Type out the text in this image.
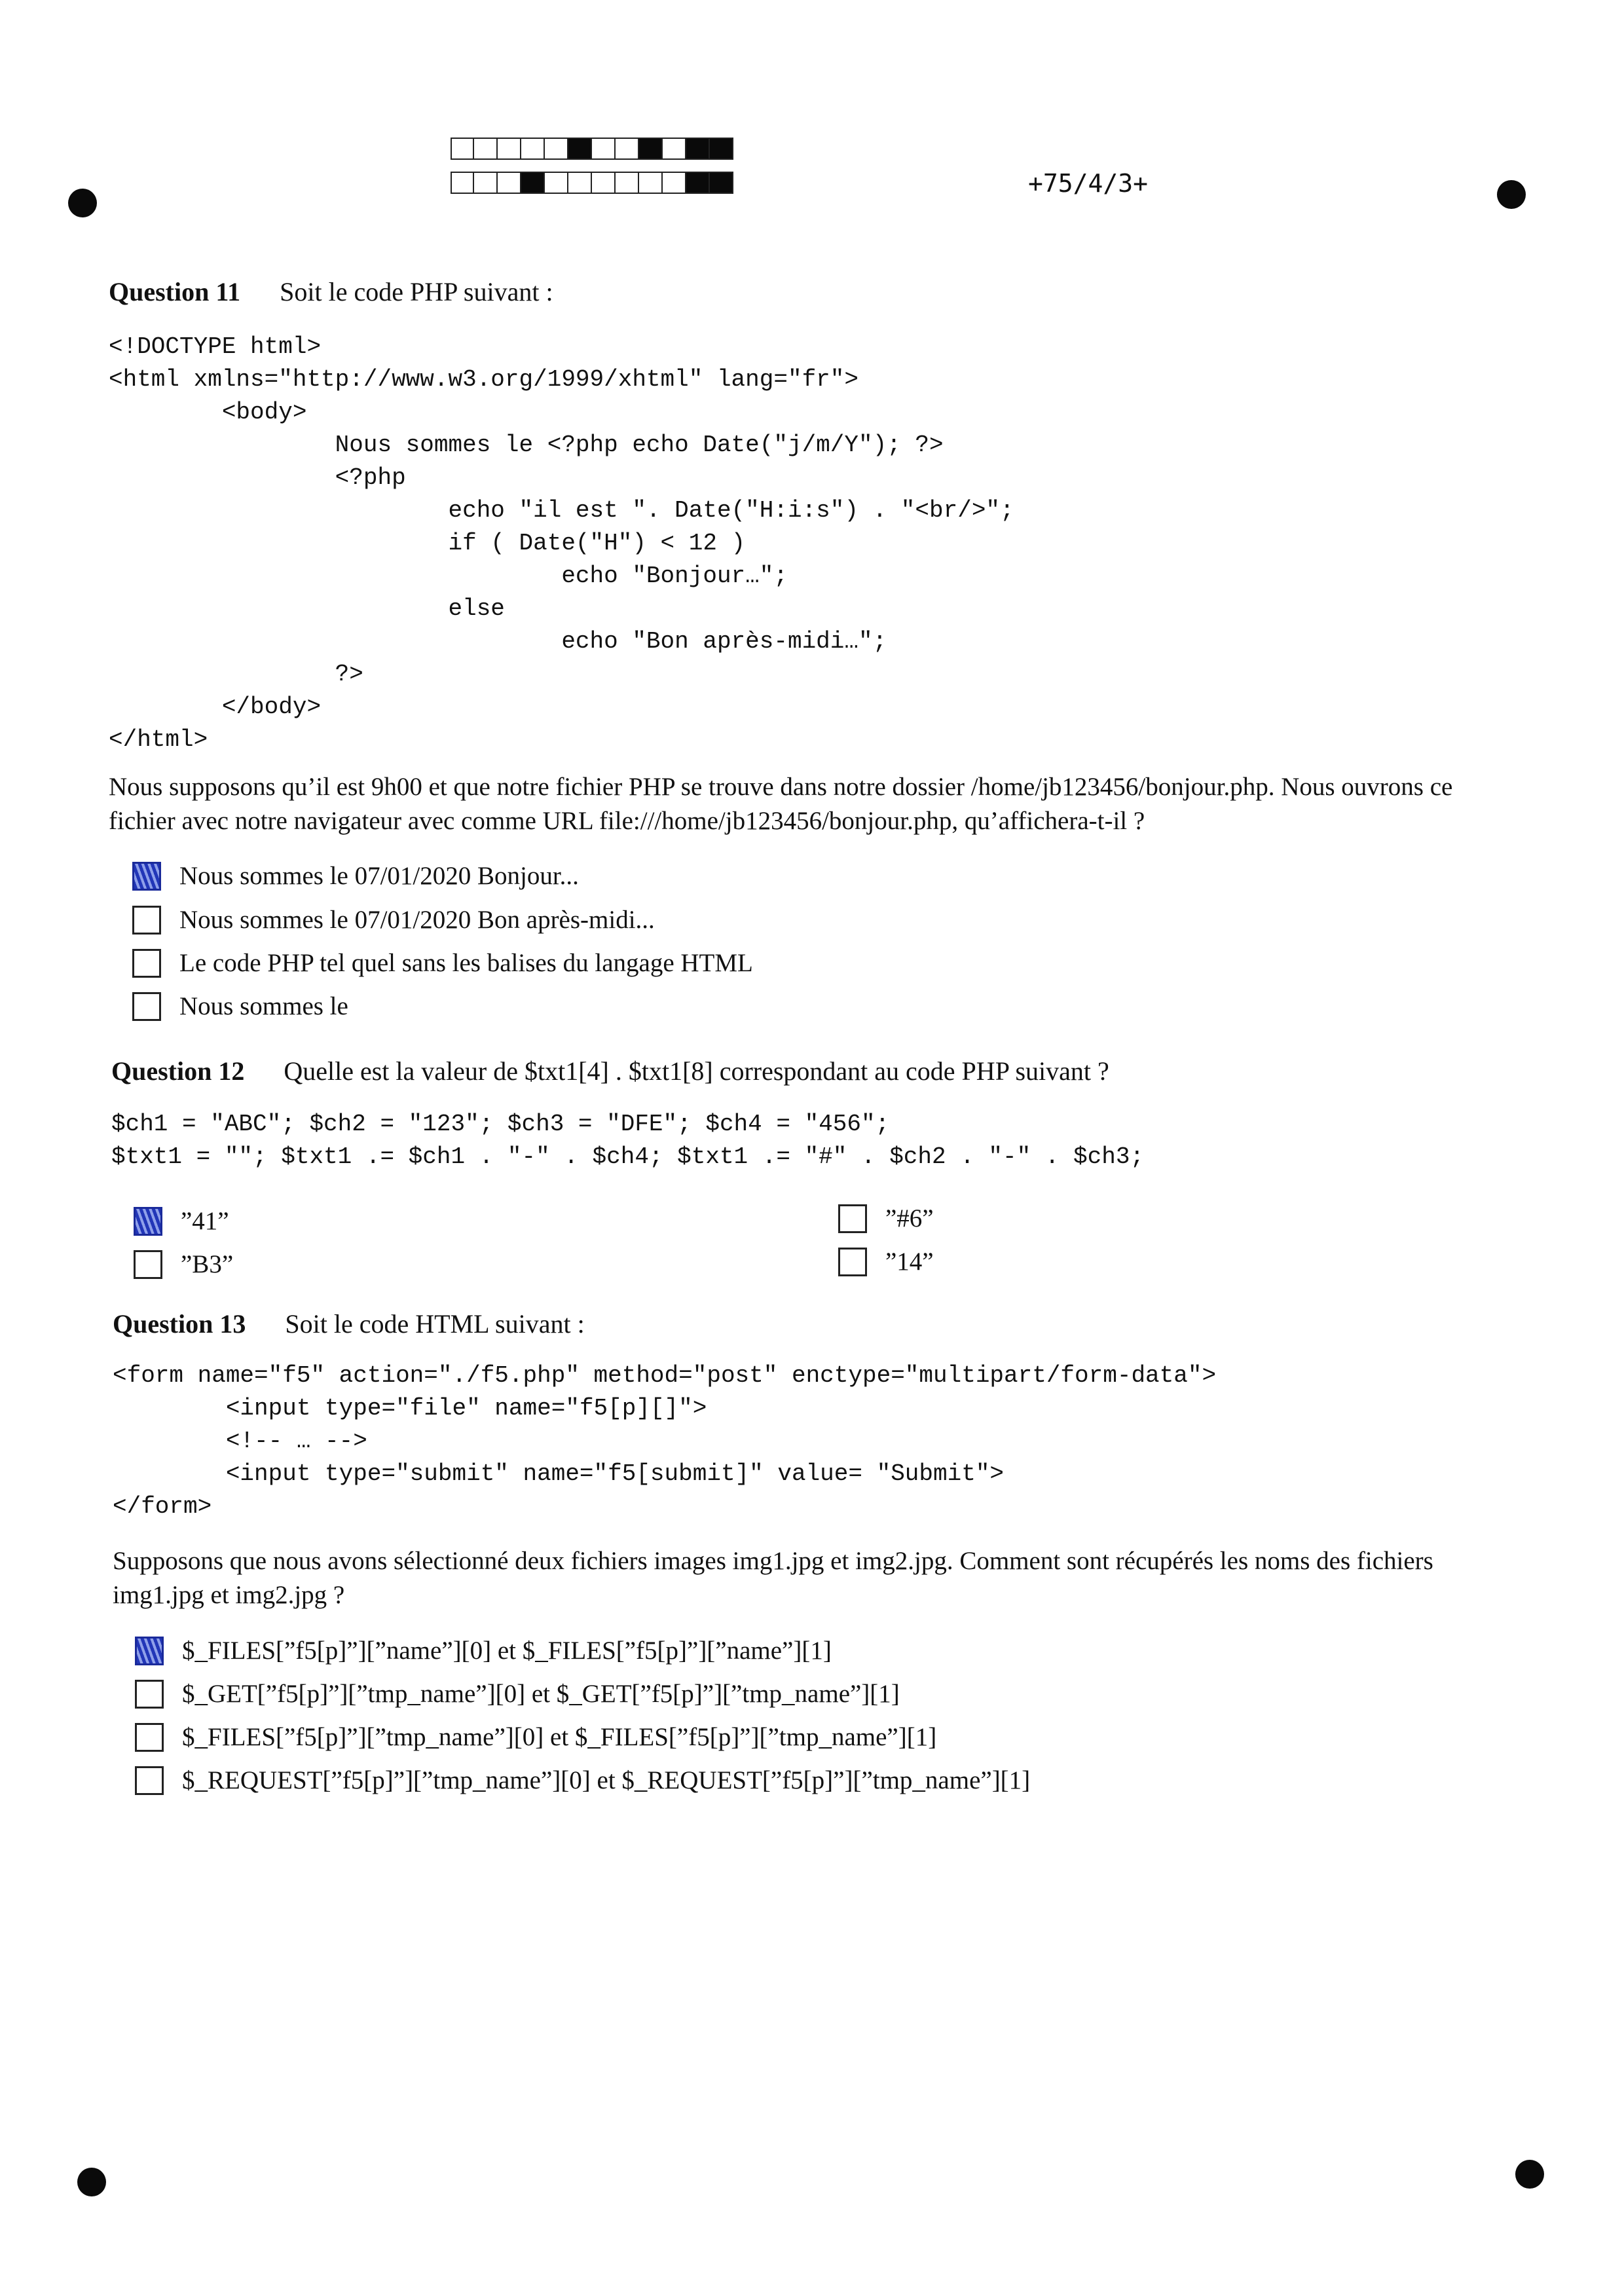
+75/4/3+
Question 11 Soit le code PHP suivant :
<!DOCTYPE html>
<html xmlns="http://www.w3.org/1999/xhtml" lang="fr">
<body>
Nous sommes le <?php echo Date("j/m/Y"); ?>
<?php
echo "il est ". Date("H:i:s") . "<br/>";
if ( Date("H") < 12 )
echo "Bonjour…";
else
echo "Bon après-midi…";
?>
</body>
</html>
Nous supposons qu’il est 9h00 et que notre fichier PHP se trouve dans notre dossier /home/jb123456/bonjour.php. Nous ouvrons ce fichier avec notre navigateur avec comme URL file:///home/jb123456/bonjour.php, qu’affichera-t-il ?
Nous sommes le 07/01/2020 Bonjour...
Nous sommes le 07/01/2020 Bon après-midi...
Le code PHP tel quel sans les balises du langage HTML
Nous sommes le
Question 12 Quelle est la valeur de $txt1[4] . $txt1[8] correspondant au code PHP suivant ?
$ch1 = "ABC"; $ch2 = "123"; $ch3 = "DFE"; $ch4 = "456";
$txt1 = ""; $txt1 .= $ch1 . "-" . $ch4; $txt1 .= "#" . $ch2 . "-" . $ch3;
”41”
”B3”
”#6”
”14”
Question 13 Soit le code HTML suivant :
<form name="f5" action="./f5.php" method="post" enctype="multipart/form-data">
<input type="file" name="f5[p][]">
<!-- … -->
<input type="submit" name="f5[submit]" value= "Submit">
</form>
Supposons que nous avons sélectionné deux fichiers images img1.jpg et img2.jpg. Comment sont récupérés les noms des fichiers img1.jpg et img2.jpg ?
$_FILES[”f5[p]”][”name”][0] et $_FILES[”f5[p]”][”name”][1]
$_GET[”f5[p]”][”tmp_name”][0] et $_GET[”f5[p]”][”tmp_name”][1]
$_FILES[”f5[p]”][”tmp_name”][0] et $_FILES[”f5[p]”][”tmp_name”][1]
$_REQUEST[”f5[p]”][”tmp_name”][0] et $_REQUEST[”f5[p]”][”tmp_name”][1]
